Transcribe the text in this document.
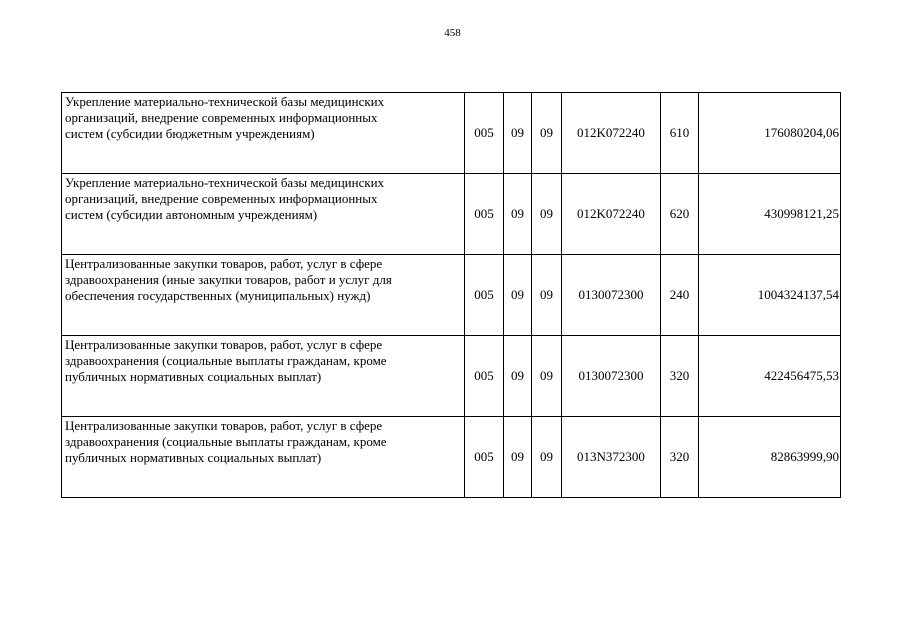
458
Укрепление материально-технической базы медицинских
организаций, внедрение современных информационных
систем (субсидии бюджетным учреждениям)	005	09	09	012K072240	610	176080204,06
Укрепление материально-технической базы медицинских
организаций, внедрение современных информационных
систем (субсидии автономным учреждениям)	005	09	09	012K072240	620	430998121,25
Централизованные закупки товаров, работ, услуг в сфере
здравоохранения (иные закупки товаров, работ и услуг для
обеспечения государственных (муниципальных) нужд)	005	09	09	0130072300	240	1004324137,54
Централизованные закупки товаров, работ, услуг в сфере
здравоохранения (социальные выплаты гражданам, кроме
публичных нормативных социальных выплат)	005	09	09	0130072300	320	422456475,53
Централизованные закупки товаров, работ, услуг в сфере
здравоохранения (социальные выплаты гражданам, кроме
публичных нормативных социальных выплат)	005	09	09	013N372300	320	82863999,90
